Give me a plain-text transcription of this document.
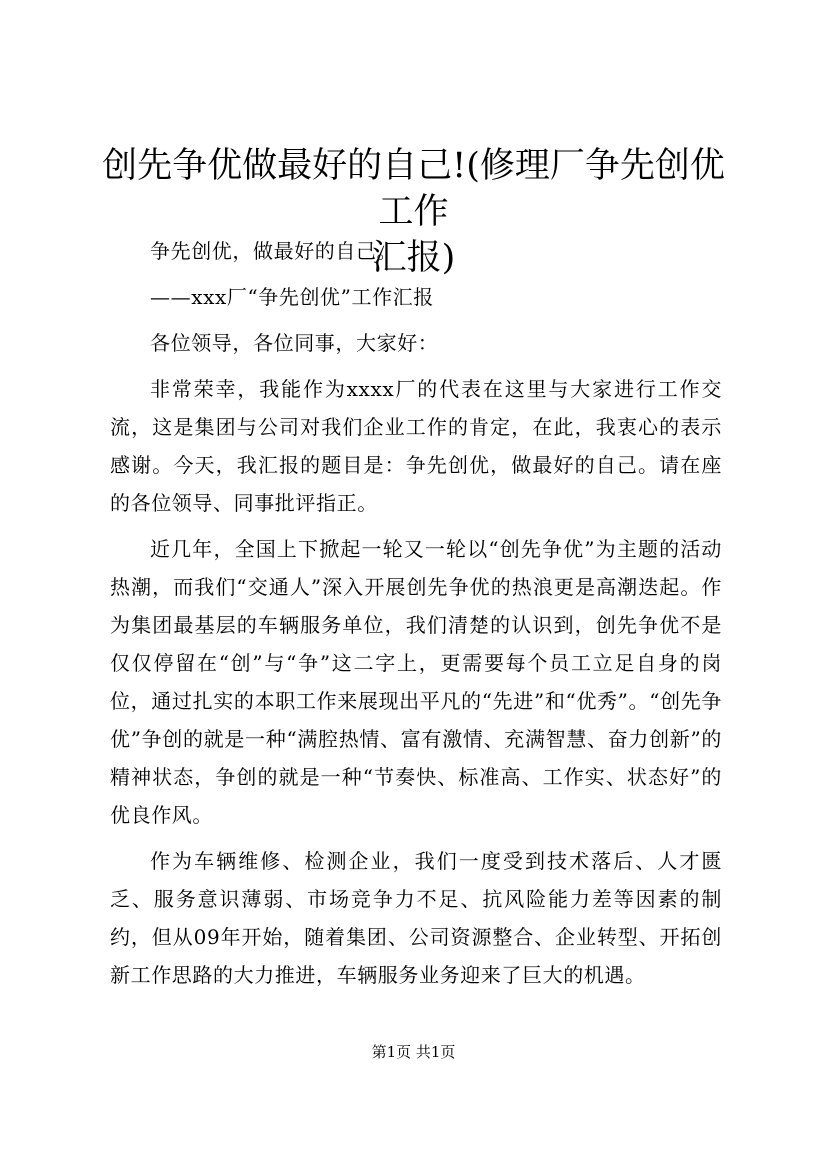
创先争优做最好的自己!(修理厂争先创优工作
汇报)

争先创优，做最好的自己。

——xxx厂“争先创优”工作汇报

各位领导，各位同事，大家好：

非常荣幸，我能作为xxxx厂的代表在这里与大家进行工作交流，这是集团与公司对我们企业工作的肯定，在此，我衷心的表示感谢。今天，我汇报的题目是：争先创优，做最好的自己。请在座的各位领导、同事批评指正。

近几年，全国上下掀起一轮又一轮以“创先争优”为主题的活动热潮，而我们“交通人”深入开展创先争优的热浪更是高潮迭起。作为集团最基层的车辆服务单位，我们清楚的认识到，创先争优不是仅仅停留在“创”与“争”这二字上，更需要每个员工立足自身的岗位，通过扎实的本职工作来展现出平凡的“先进”和“优秀”。“创先争优”争创的就是一种“满腔热情、富有激情、充满智慧、奋力创新”的精神状态，争创的就是一种“节奏快、标准高、工作实、状态好”的优良作风。

作为车辆维修、检测企业，我们一度受到技术落后、人才匮乏、服务意识薄弱、市场竞争力不足、抗风险能力差等因素的制约，但从09年开始，随着集团、公司资源整合、企业转型、开拓创新工作思路的大力推进，车辆服务业务迎来了巨大的机遇。

第1页 共1页
